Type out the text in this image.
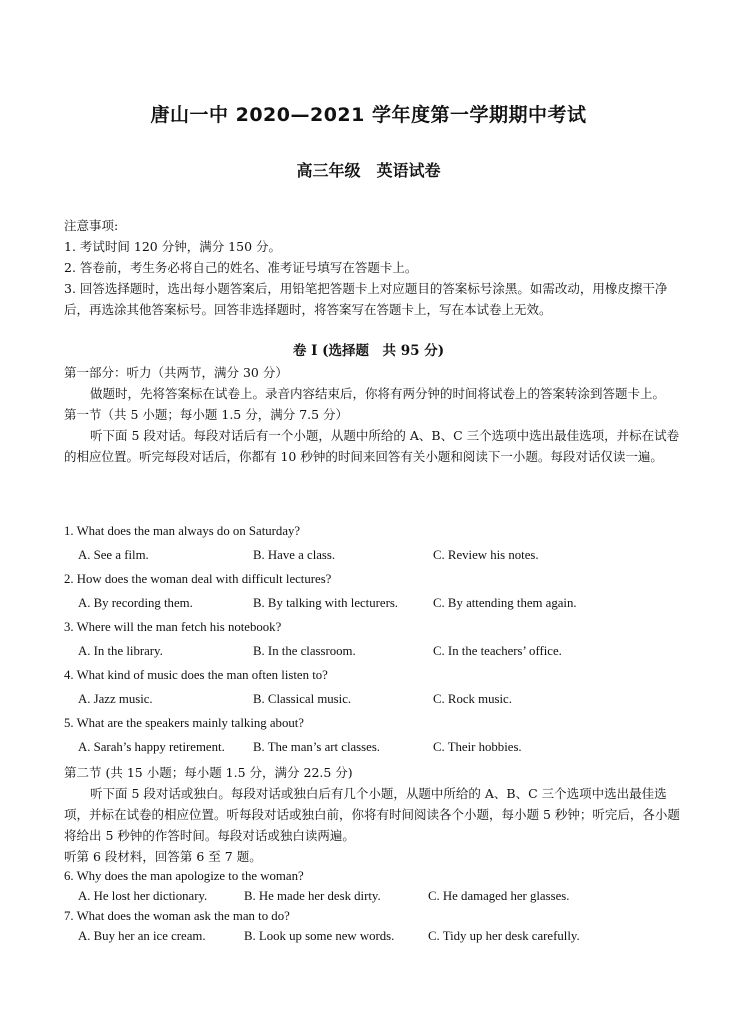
唐山一中 2020—2021 学年度第一学期期中考试
高三年级　英语试卷
注意事项:
1. 考试时间 120 分钟，满分 150 分。
2. 答卷前，考生务必将自己的姓名、准考证号填写在答题卡上。
3. 回答选择题时，选出每小题答案后，用铅笔把答题卡上对应题目的答案标号涂黑。如需改动，用橡皮擦干净后，再选涂其他答案标号。回答非选择题时，将答案写在答题卡上，写在本试卷上无效。
卷 I (选择题　共 95 分)
第一部分：听力（共两节，满分 30 分）
做题时，先将答案标在试卷上。录音内容结束后，你将有两分钟的时间将试卷上的答案转涂到答题卡上。
第一节（共 5 小题；每小题 1.5 分，满分 7.5 分）
听下面 5 段对话。每段对话后有一个小题，从题中所给的 A、B、C 三个选项中选出最佳选项，并标在试卷的相应位置。听完每段对话后，你都有 10 秒钟的时间来回答有关小题和阅读下一小题。每段对话仅读一遍。
1. What does the man always do on Saturday?
A. See a film.	B. Have a class.	C. Review his notes.
2. How does the woman deal with difficult lectures?
A. By recording them.	B. By talking with lecturers.	C. By attending them again.
3. Where will the man fetch his notebook?
A. In the library.	B. In the classroom.	C. In the teachers’ office.
4. What kind of music does the man often listen to?
A. Jazz music.	B. Classical music.	C. Rock music.
5. What are the speakers mainly talking about?
A. Sarah’s happy retirement. B. The man’s art classes.	C. Their hobbies.
第二节 (共 15 小题；每小题 1.5 分，满分 22.5 分)
听下面 5 段对话或独白。每段对话或独白后有几个小题，从题中所给的 A、B、C 三个选项中选出最佳选项，并标在试卷的相应位置。听每段对话或独白前，你将有时间阅读各个小题，每小题 5 秒钟；听完后，各小题将给出 5 秒钟的作答时间。每段对话或独白读两遍。
听第 6 段材料，回答第 6 至 7 题。
6. Why does the man apologize to the woman?
A. He lost her dictionary.	B. He made her desk dirty.	C. He damaged her glasses.
7. What does the woman ask the man to do?
A. Buy her an ice cream.	B. Look up some new words.	C. Tidy up her desk carefully.
